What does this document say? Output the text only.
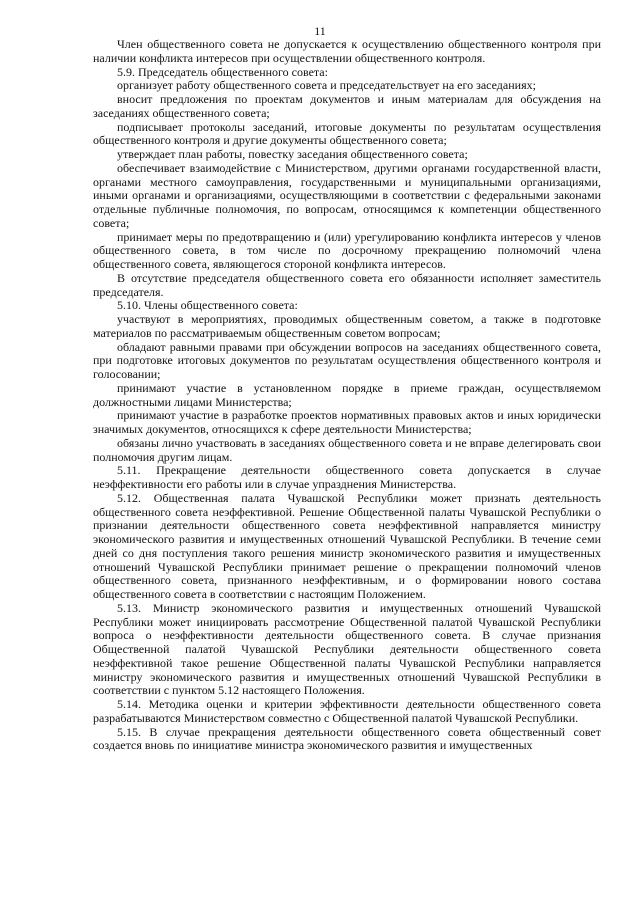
11

Член общественного совета не допускается к осуществлению общественного контроля при наличии конфликта интересов при осуществлении общественного контроля.

5.9. Председатель общественного совета:

организует работу общественного совета и председательствует на его заседаниях;

вносит предложения по проектам документов и иным материалам для обсуждения на заседаниях общественного совета;

подписывает протоколы заседаний, итоговые документы по результатам осуществления общественного контроля и другие документы общественного совета;

утверждает план работы, повестку заседания общественного совета;

обеспечивает взаимодействие с Министерством, другими органами государственной власти, органами местного самоуправления, государственными и муниципальными организациями, иными органами и организациями, осуществляющими в соответствии с федеральными законами отдельные публичные полномочия, по вопросам, относящимся к компетенции общественного совета;

принимает меры по предотвращению и (или) урегулированию конфликта интересов у членов общественного совета, в том числе по досрочному прекращению полномочий члена общественного совета, являющегося стороной конфликта интересов.

В отсутствие председателя общественного совета его обязанности исполняет заместитель председателя.

5.10. Члены общественного совета:

участвуют в мероприятиях, проводимых общественным советом, а также в подготовке материалов по рассматриваемым общественным советом вопросам;

обладают равными правами при обсуждении вопросов на заседаниях общественного совета, при подготовке итоговых документов по результатам осуществления общественного контроля и голосовании;

принимают участие в установленном порядке в приеме граждан, осуществляемом должностными лицами Министерства;

принимают участие в разработке проектов нормативных правовых актов и иных юридически значимых документов, относящихся к сфере деятельности Министерства;

обязаны лично участвовать в заседаниях общественного совета и не вправе делегировать свои полномочия другим лицам.

5.11. Прекращение деятельности общественного совета допускается в случае неэффективности его работы или в случае упразднения Министерства.

5.12. Общественная палата Чувашской Республики может признать деятельность общественного совета неэффективной. Решение Общественной палаты Чувашской Республики о признании деятельности общественного совета неэффективной направляется министру экономического развития и имущественных отношений Чувашской Республики. В течение семи дней со дня поступления такого решения министр экономического развития и имущественных отношений Чувашской Республики принимает решение о прекращении полномочий членов общественного совета, признанного неэффективным, и о формировании нового состава общественного совета в соответствии с настоящим Положением.

5.13. Министр экономического развития и имущественных отношений Чувашской Республики может инициировать рассмотрение Общественной палатой Чувашской Республики вопроса о неэффективности деятельности общественного совета. В случае признания Общественной палатой Чувашской Республики деятельности общественного совета неэффективной такое решение Общественной палаты Чувашской Республики направляется министру экономического развития и имущественных отношений Чувашской Республики в соответствии с пунктом 5.12 настоящего Положения.

5.14. Методика оценки и критерии эффективности деятельности общественного совета разрабатываются Министерством совместно с Общественной палатой Чувашской Республики.

5.15. В случае прекращения деятельности общественного совета общественный совет создается вновь по инициативе министра экономического развития и имущественных
